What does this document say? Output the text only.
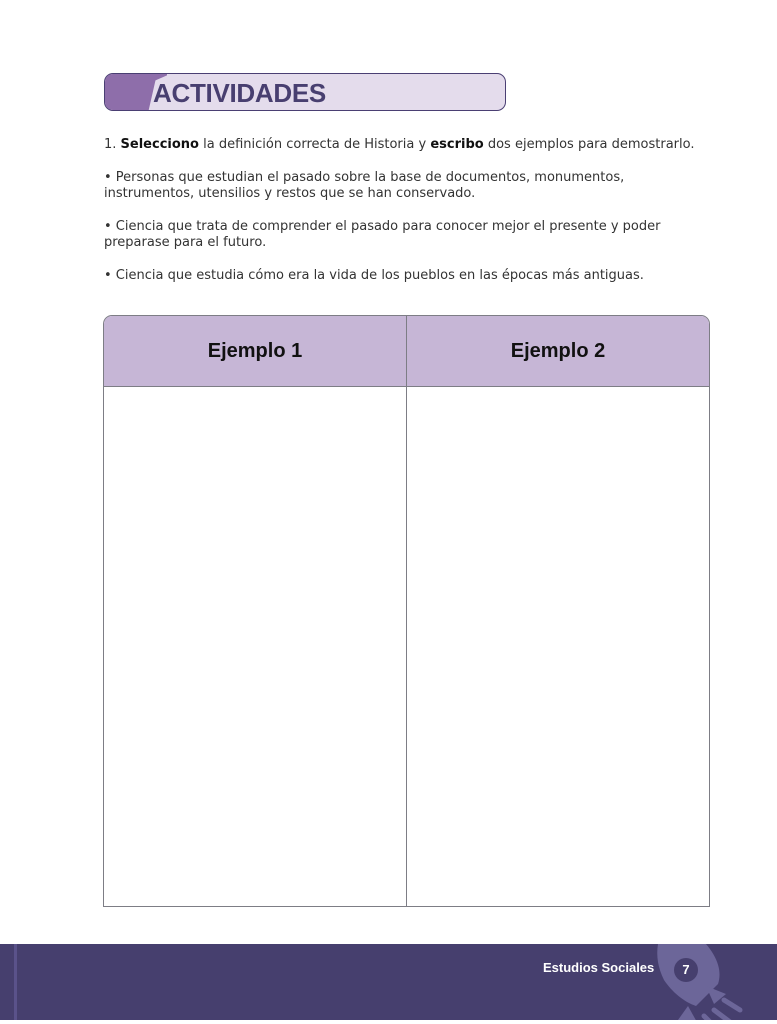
ACTIVIDADES
1. Selecciono la definición correcta de Historia y escribo dos ejemplos para demostrarlo.
• Personas que estudian el pasado sobre la base de documentos, monumentos, instrumentos, utensilios y restos que se han conservado.
• Ciencia que trata de comprender el pasado para conocer mejor el presente y poder preparase para el futuro.
• Ciencia que estudia cómo era la vida de los pueblos en las épocas más antiguas.
Ejemplo 1	Ejemplo 2
Estudios Sociales	7
